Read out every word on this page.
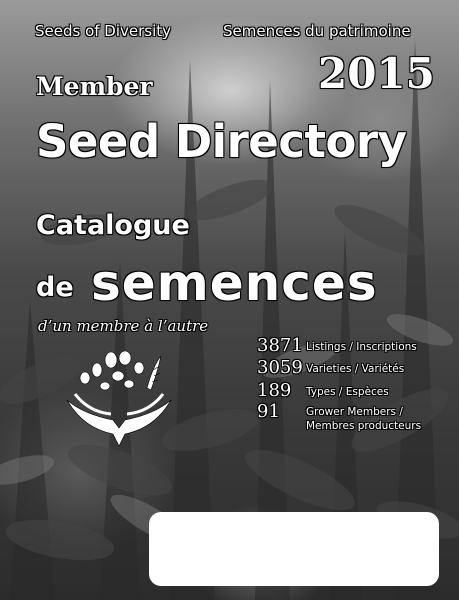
Seeds of Diversity	Semences du patrimoine
2015
Member
Seed Directory
Catalogue
de semences
d’un membre à l’autre
3871 Listings / Inscriptions
3059 Varieties / Variétés
189 Types / Espèces
91 Grower Members /
Membres producteurs
